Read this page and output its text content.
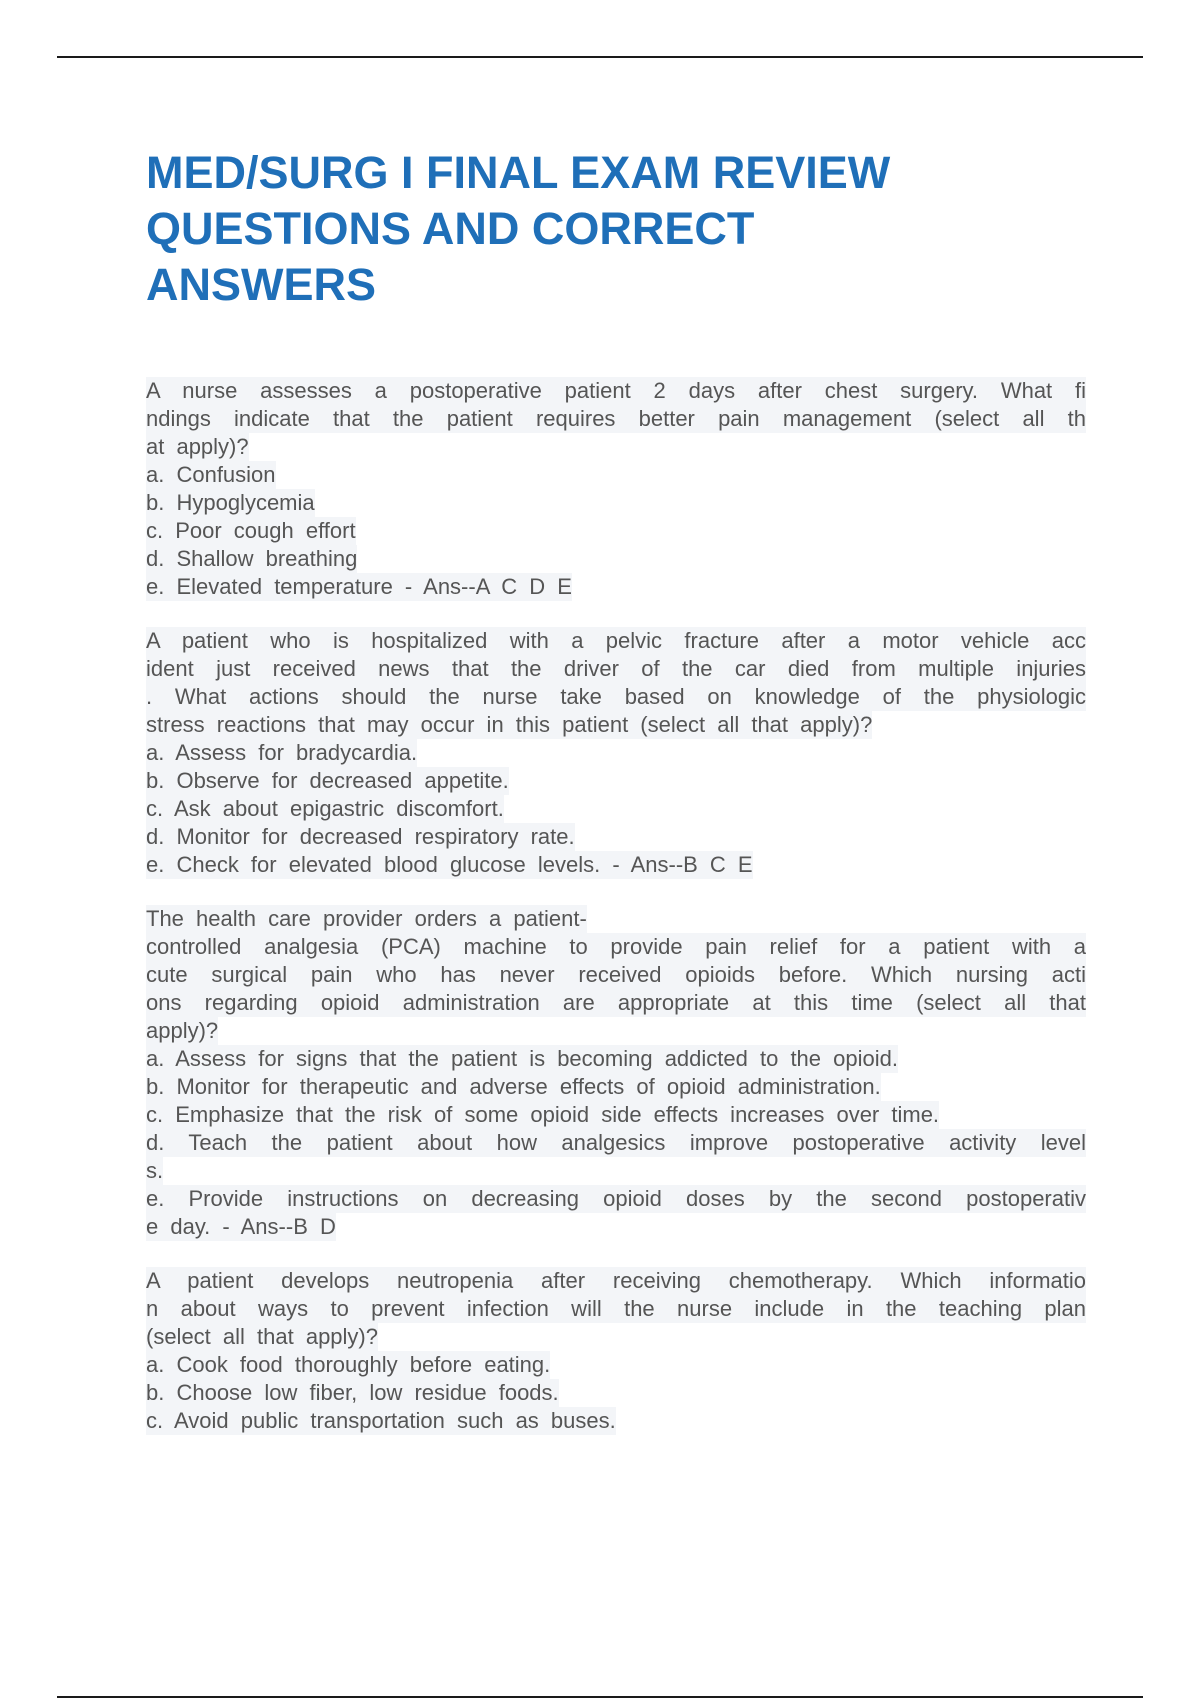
MED/SURG I FINAL EXAM REVIEW
QUESTIONS AND CORRECT
ANSWERS
A nurse assesses a postoperative patient 2 days after chest surgery. What fi
ndings indicate that the patient requires better pain management (select all th
at apply)?
a. Confusion
b. Hypoglycemia
c. Poor cough effort
d. Shallow breathing
e. Elevated temperature - Ans--A C D E
A patient who is hospitalized with a pelvic fracture after a motor vehicle acc
ident just received news that the driver of the car died from multiple injuries
. What actions should the nurse take based on knowledge of the physiologic
stress reactions that may occur in this patient (select all that apply)?
a. Assess for bradycardia.
b. Observe for decreased appetite.
c. Ask about epigastric discomfort.
d. Monitor for decreased respiratory rate.
e. Check for elevated blood glucose levels. - Ans--B C E
The health care provider orders a patient-
controlled analgesia (PCA) machine to provide pain relief for a patient with a
cute surgical pain who has never received opioids before. Which nursing acti
ons regarding opioid administration are appropriate at this time (select all that
apply)?
a. Assess for signs that the patient is becoming addicted to the opioid.
b. Monitor for therapeutic and adverse effects of opioid administration.
c. Emphasize that the risk of some opioid side effects increases over time.
d. Teach the patient about how analgesics improve postoperative activity level
s.
e. Provide instructions on decreasing opioid doses by the second postoperativ
e day. - Ans--B D
A patient develops neutropenia after receiving chemotherapy. Which informatio
n about ways to prevent infection will the nurse include in the teaching plan
(select all that apply)?
a. Cook food thoroughly before eating.
b. Choose low fiber, low residue foods.
c. Avoid public transportation such as buses.
